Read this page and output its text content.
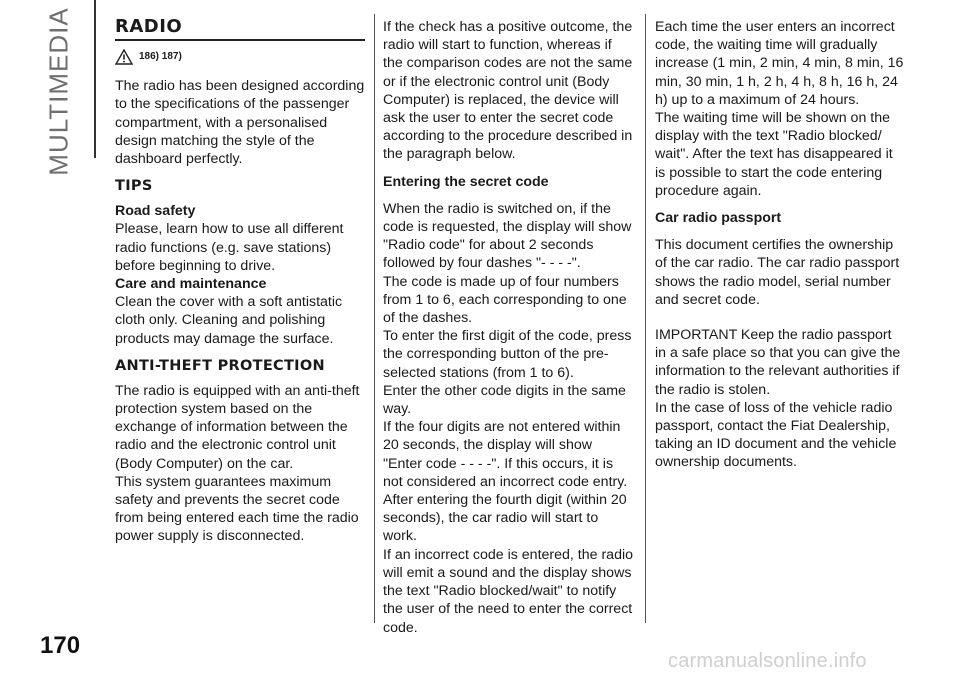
MULTIMEDIA RADIO
186) 187)

The radio has been designed according to the specifications of the passenger compartment, with a personalised design matching the style of the dashboard perfectly.

TIPS

Road safety

Please, learn how to use all different radio functions (e.g. save stations) before beginning to drive.

Care and maintenance

Clean the cover with a soft antistatic cloth only. Cleaning and polishing products may damage the surface.

ANTI-THEFT PROTECTION

The radio is equipped with an anti-theft protection system based on the exchange of information between the radio and the electronic control unit (Body Computer) on the car.

This system guarantees maximum safety and prevents the secret code from being entered each time the radio power supply is disconnected.

If the check has a positive outcome, the radio will start to function, whereas if the comparison codes are not the same or if the electronic control unit (Body Computer) is replaced, the device will ask the user to enter the secret code according to the procedure described in the paragraph below.

Entering the secret code

When the radio is switched on, if the code is requested, the display will show "Radio code" for about 2 seconds followed by four dashes "- - - -".

The code is made up of four numbers from 1 to 6, each corresponding to one of the dashes.

To enter the first digit of the code, press the corresponding button of the pre-selected stations (from 1 to 6).

Enter the other code digits in the same way.

If the four digits are not entered within 20 seconds, the display will show "Enter code - - - -". If this occurs, it is not considered an incorrect code entry.

After entering the fourth digit (within 20 seconds), the car radio will start to work.

If an incorrect code is entered, the radio will emit a sound and the display shows the text "Radio blocked/wait" to notify the user of the need to enter the correct code.

Each time the user enters an incorrect code, the waiting time will gradually increase (1 min, 2 min, 4 min, 8 min, 16 min, 30 min, 1 h, 2 h, 4 h, 8 h, 16 h, 24 h) up to a maximum of 24 hours.

The waiting time will be shown on the display with the text "Radio blocked/ wait". After the text has disappeared it is possible to start the code entering procedure again.

Car radio passport

This document certifies the ownership of the car radio. The car radio passport shows the radio model, serial number and secret code.

IMPORTANT Keep the radio passport in a safe place so that you can give the information to the relevant authorities if the radio is stolen.

In the case of loss of the vehicle radio passport, contact the Fiat Dealership, taking an ID document and the vehicle ownership documents.

170
carmanualsonline.info
